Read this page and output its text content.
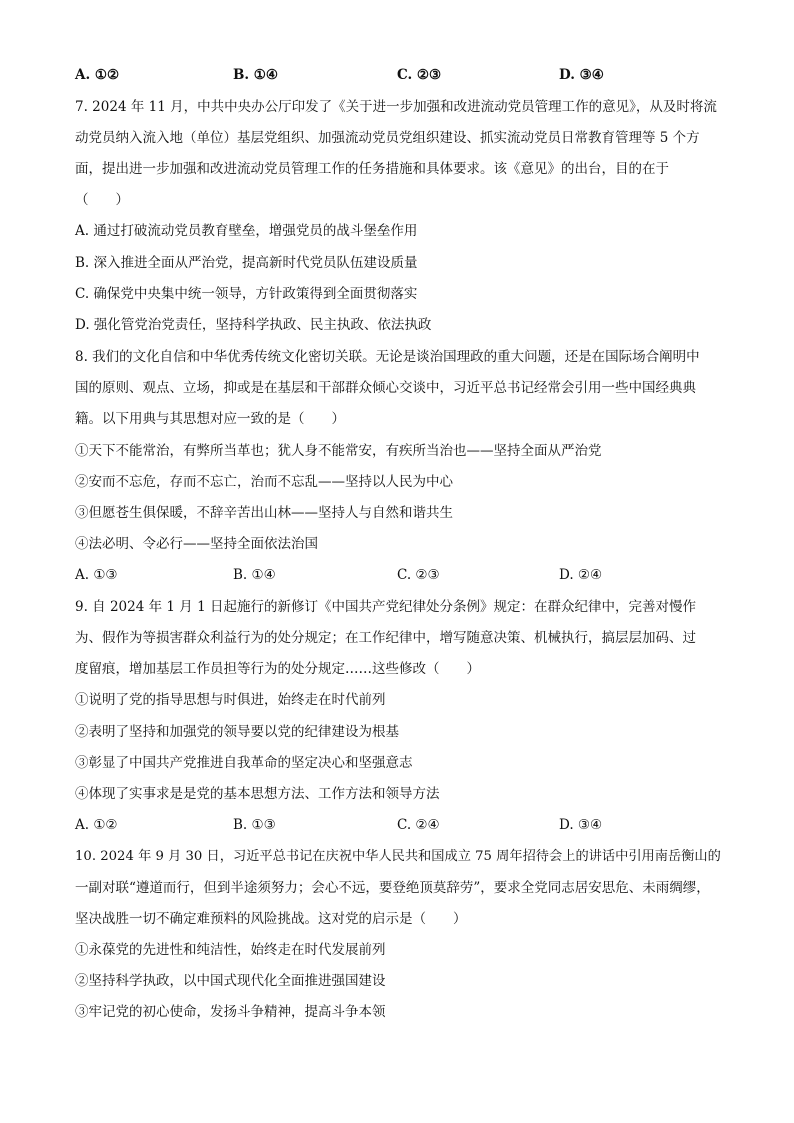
A. ①②	B. ①④	C. ②③	D. ③④
7. 2024 年 11 月，中共中央办公厅印发了《关于进一步加强和改进流动党员管理工作的意见》，从及时将流
动党员纳入流入地（单位）基层党组织、加强流动党员党组织建设、抓实流动党员日常教育管理等 5 个方
面，提出进一步加强和改进流动党员管理工作的任务措施和具体要求。该《意见》的出台，目的在于
（　　）
A. 通过打破流动党员教育壁垒，增强党员的战斗堡垒作用
B. 深入推进全面从严治党，提高新时代党员队伍建设质量
C. 确保党中央集中统一领导，方针政策得到全面贯彻落实
D. 强化管党治党责任，坚持科学执政、民主执政、依法执政
8. 我们的文化自信和中华优秀传统文化密切关联。无论是谈治国理政的重大问题，还是在国际场合阐明中
国的原则、观点、立场，抑或是在基层和干部群众倾心交谈中，习近平总书记经常会引用一些中国经典典
籍。以下用典与其思想对应一致的是（　　）
①天下不能常治，有弊所当革也；犹人身不能常安，有疾所当治也——坚持全面从严治党
②安而不忘危，存而不忘亡，治而不忘乱——坚持以人民为中心
③但愿苍生俱保暖，不辞辛苦出山林——坚持人与自然和谐共生
④法必明、令必行——坚持全面依法治国
A. ①③	B. ①④	C. ②③	D. ②④
9. 自 2024 年 1 月 1 日起施行的新修订《中国共产党纪律处分条例》规定：在群众纪律中，完善对慢作
为、假作为等损害群众利益行为的处分规定；在工作纪律中，增写随意决策、机械执行，搞层层加码、过
度留痕，增加基层工作员担等行为的处分规定……这些修改（　　）
①说明了党的指导思想与时俱进，始终走在时代前列
②表明了坚持和加强党的领导要以党的纪律建设为根基
③彰显了中国共产党推进自我革命的坚定决心和坚强意志
④体现了实事求是是党的基本思想方法、工作方法和领导方法
A. ①②	B. ①③	C. ②④	D. ③④
10. 2024 年 9 月 30 日，习近平总书记在庆祝中华人民共和国成立 75 周年招待会上的讲话中引用南岳衡山的
一副对联“遵道而行，但到半途须努力；会心不远，要登绝顶莫辞劳”，要求全党同志居安思危、未雨绸缪，
坚决战胜一切不确定难预料的风险挑战。这对党的启示是（　　）
①永葆党的先进性和纯洁性，始终走在时代发展前列
②坚持科学执政，以中国式现代化全面推进强国建设
③牢记党的初心使命，发扬斗争精神，提高斗争本领
